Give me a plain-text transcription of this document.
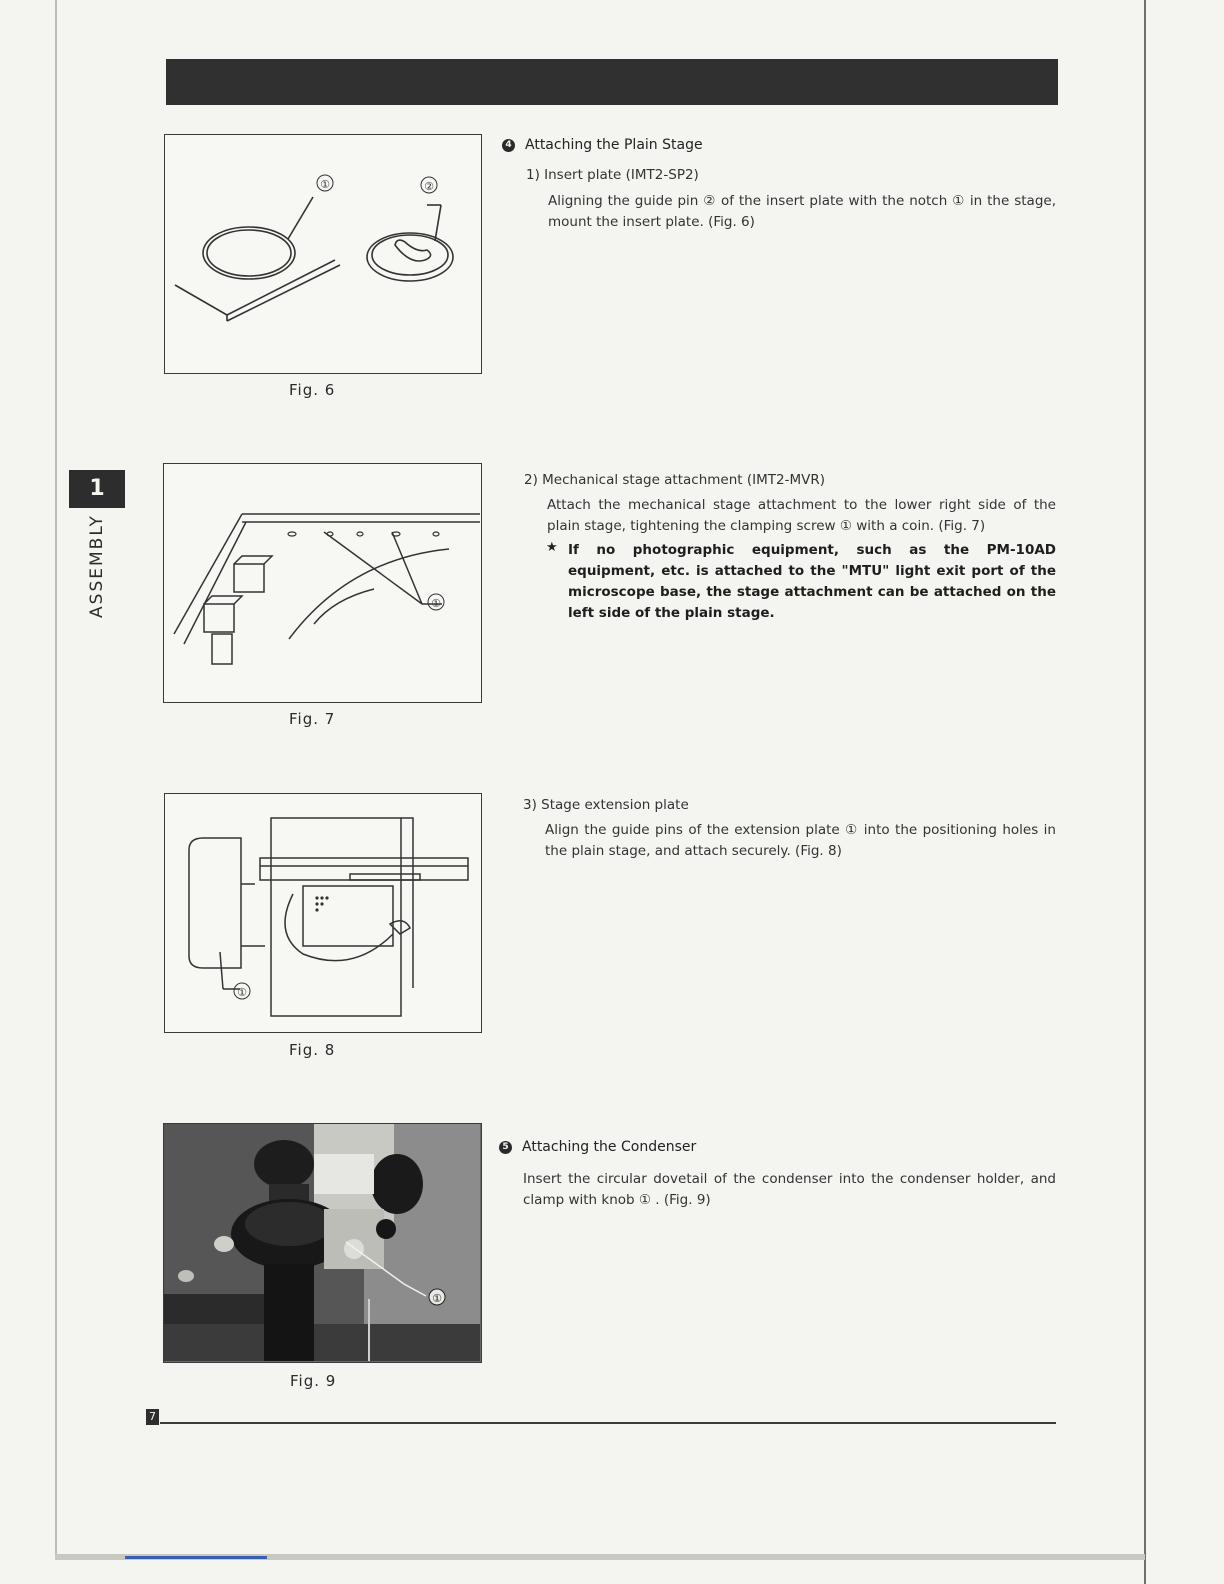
1
ASSEMBLY
①	②
Fig. 6
①
Fig. 7
①
Fig. 8
①
Fig. 9
4 Attaching the Plain Stage
1) Insert plate (IMT2-SP2)
Aligning the guide pin ② of the insert plate with the notch ① in the stage, mount the insert plate. (Fig. 6)
2) Mechanical stage attachment (IMT2-MVR)
Attach the mechanical stage attachment to the lower right side of the plain stage, tightening the clamping screw ① with a coin. (Fig. 7)
★ If no photographic equipment, such as the PM-10AD equipment, etc. is attached to the "MTU" light exit port of the microscope base, the stage attachment can be attached on the left side of the plain stage.
3) Stage extension plate
Align the guide pins of the extension plate ① into the positioning holes in the plain stage, and attach securely. (Fig. 8)
5 Attaching the Condenser
Insert the circular dovetail of the condenser into the condenser holder, and clamp with knob ① . (Fig. 9)
7
